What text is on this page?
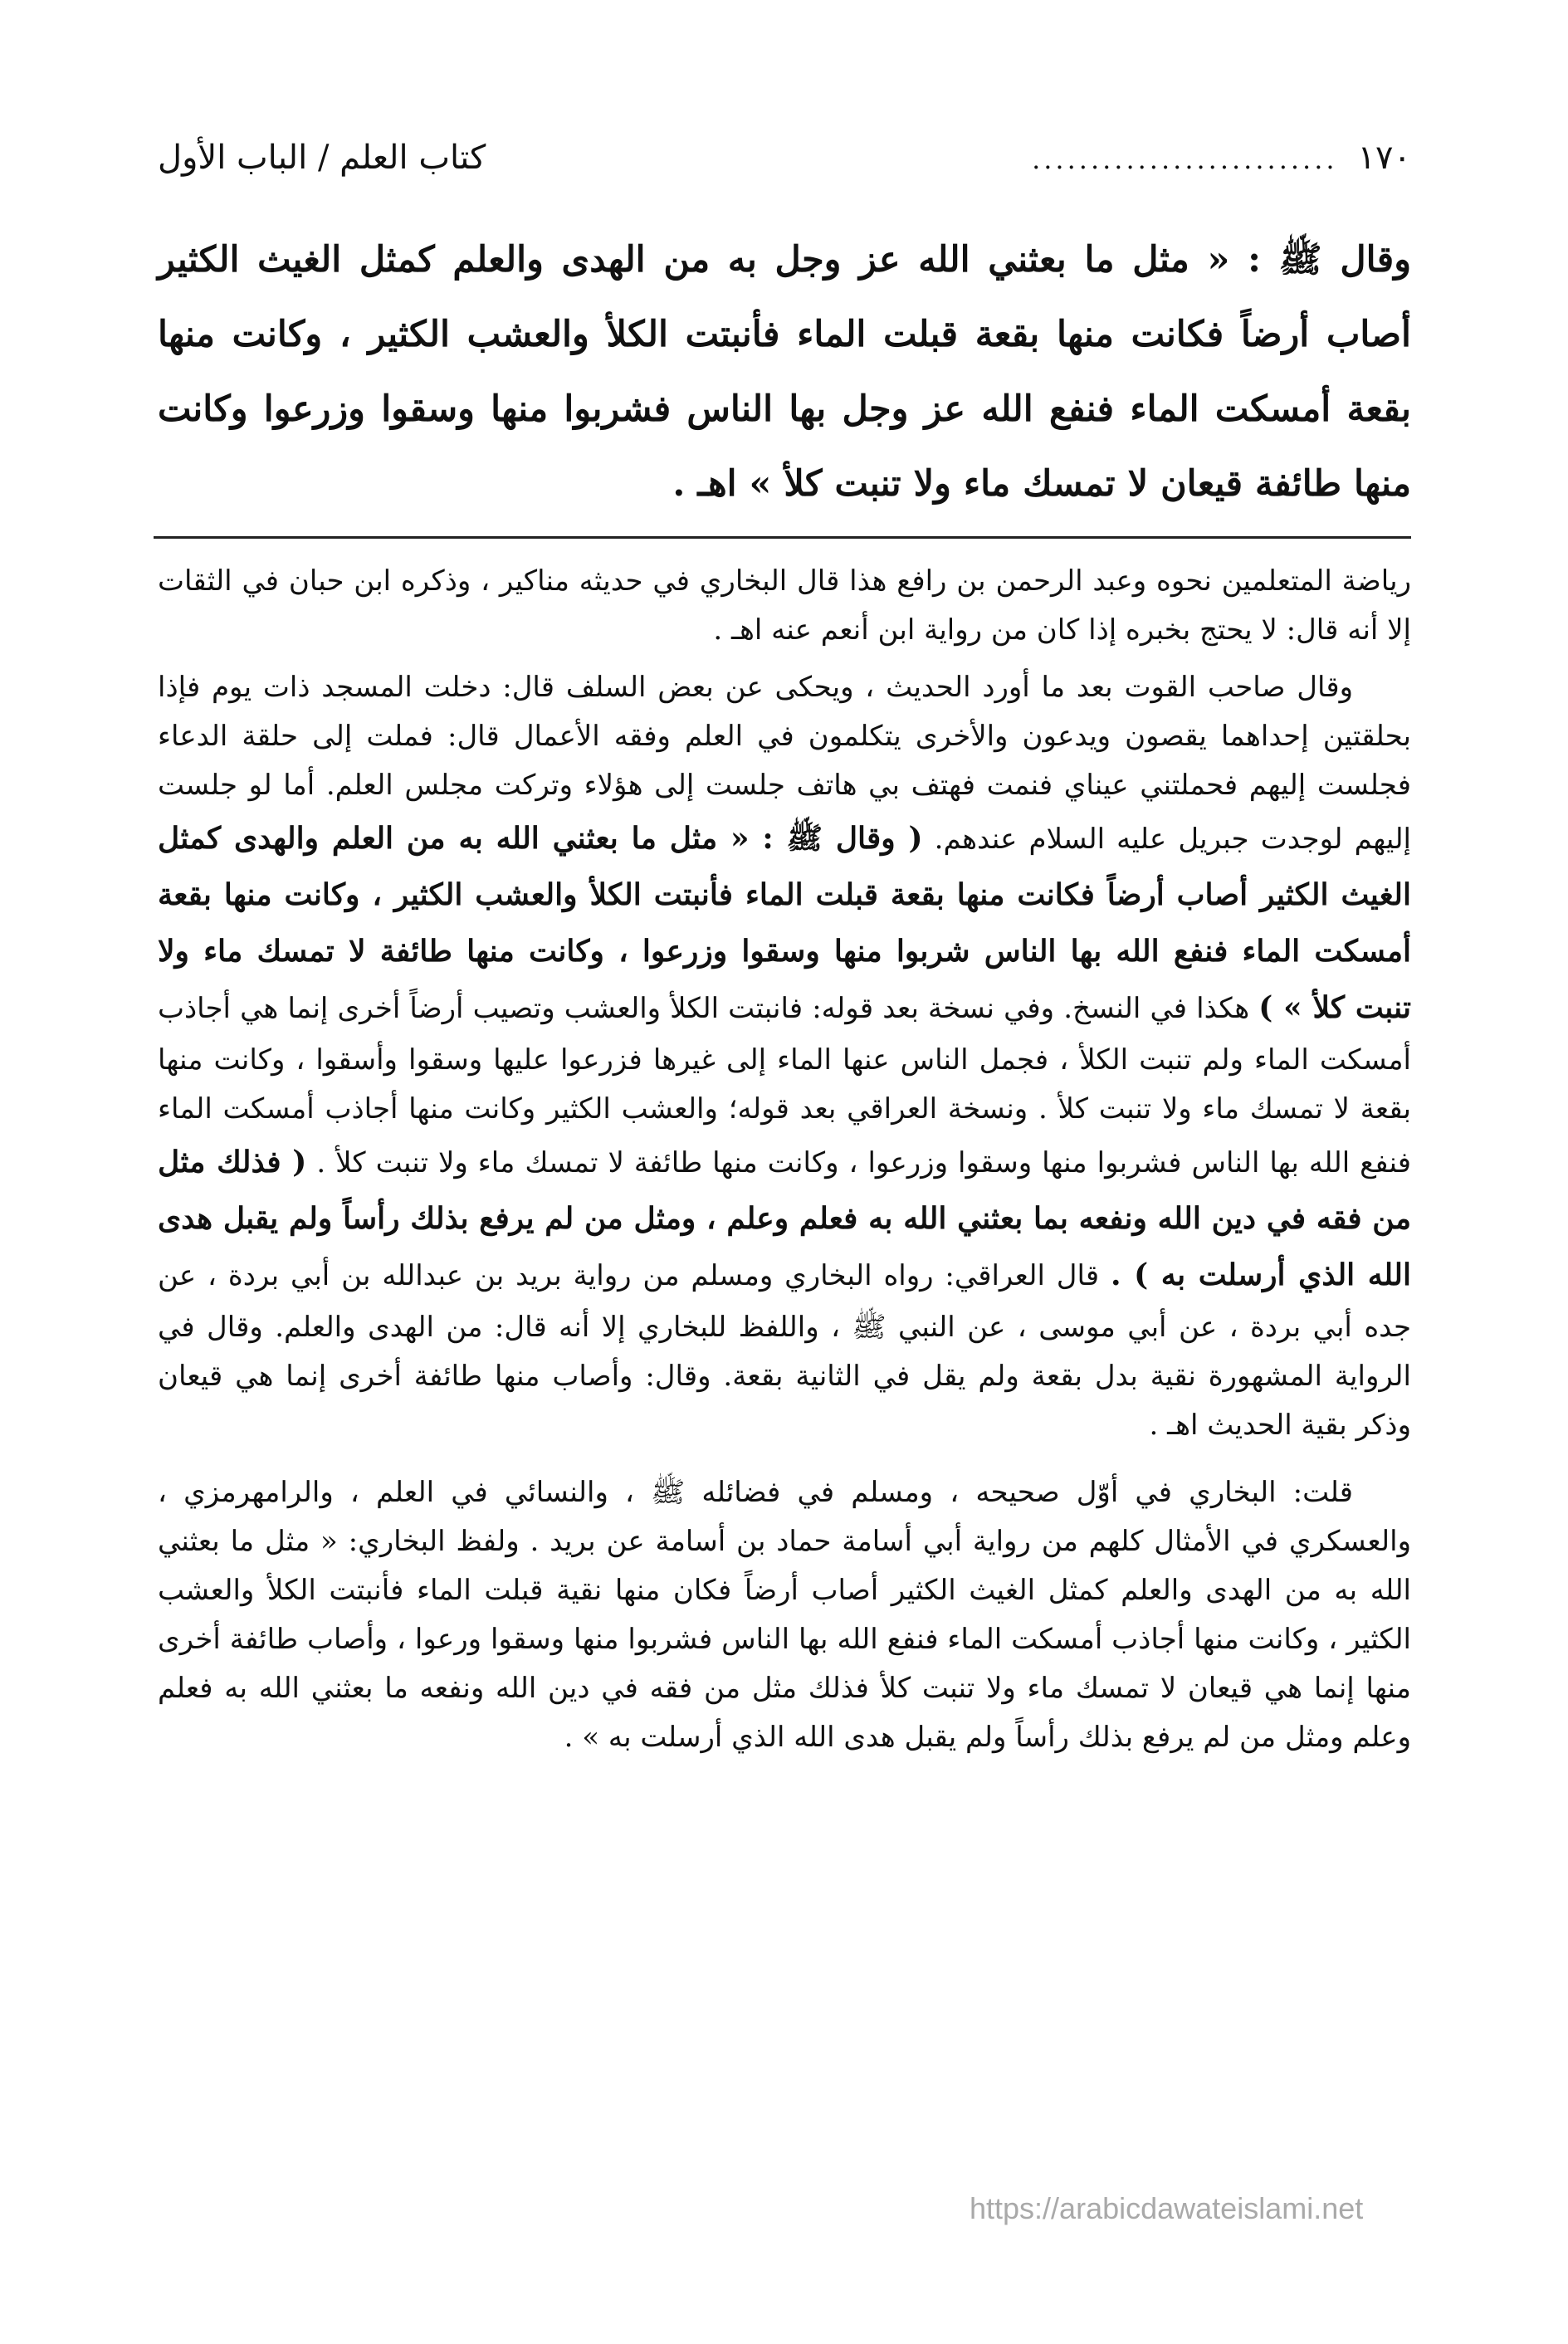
١٧٠
..........................
كتاب العلم / الباب الأول
وقال ﷺ : « مثل ما بعثني الله عز وجل به من الهدى والعلم كمثل الغيث الكثير أصاب أرضاً فكانت منها بقعة قبلت الماء فأنبتت الكلأ والعشب الكثير ، وكانت منها بقعة أمسكت الماء فنفع الله عز وجل بها الناس فشربوا منها وسقوا وزرعوا وكانت منها طائفة قيعان لا تمسك ماء ولا تنبت كلأ » اهـ .

رياضة المتعلمين نحوه وعبد الرحمن بن رافع هذا قال البخاري في حديثه مناكير ، وذكره ابن حبان في الثقات إلا أنه قال: لا يحتج بخبره إذا كان من رواية ابن أنعم عنه اهـ .

وقال صاحب القوت بعد ما أورد الحديث ، ويحكى عن بعض السلف قال: دخلت المسجد ذات يوم فإذا بحلقتين إحداهما يقصون ويدعون والأخرى يتكلمون في العلم وفقه الأعمال قال: فملت إلى حلقة الدعاء فجلست إليهم فحملتني عيناي فنمت فهتف بي هاتف جلست إلى هؤلاء وتركت مجلس العلم. أما لو جلست إليهم لوجدت جبريل عليه السلام عندهم. ( وقال ﷺ : « مثل ما بعثني الله به من العلم والهدى كمثل الغيث الكثير أصاب أرضاً فكانت منها بقعة قبلت الماء فأنبتت الكلأ والعشب الكثير ، وكانت منها بقعة أمسكت الماء فنفع الله بها الناس شربوا منها وسقوا وزرعوا ، وكانت منها طائفة لا تمسك ماء ولا تنبت كلأ » ) هكذا في النسخ. وفي نسخة بعد قوله: فانبتت الكلأ والعشب وتصيب أرضاً أخرى إنما هي أجاذب أمسكت الماء ولم تنبت الكلأ ، فجمل الناس عنها الماء إلى غيرها فزرعوا عليها وسقوا وأسقوا ، وكانت منها بقعة لا تمسك ماء ولا تنبت كلأ . ونسخة العراقي بعد قوله؛ والعشب الكثير وكانت منها أجاذب أمسكت الماء فنفع الله بها الناس فشربوا منها وسقوا وزرعوا ، وكانت منها طائفة لا تمسك ماء ولا تنبت كلأ . ( فذلك مثل من فقه في دين الله ونفعه بما بعثني الله به فعلم وعلم ، ومثل من لم يرفع بذلك رأساً ولم يقبل هدى الله الذي أرسلت به ) . قال العراقي: رواه البخاري ومسلم من رواية بريد بن عبدالله بن أبي بردة ، عن جده أبي بردة ، عن أبي موسى ، عن النبي ﷺ ، واللفظ للبخاري إلا أنه قال: من الهدى والعلم. وقال في الرواية المشهورة نقية بدل بقعة ولم يقل في الثانية بقعة. وقال: وأصاب منها طائفة أخرى إنما هي قيعان وذكر بقية الحديث اهـ .

قلت: البخاري في أوّل صحيحه ، ومسلم في فضائله ﷺ ، والنسائي في العلم ، والرامهرمزي ، والعسكري في الأمثال كلهم من رواية أبي أسامة حماد بن أسامة عن بريد . ولفظ البخاري: « مثل ما بعثني الله به من الهدى والعلم كمثل الغيث الكثير أصاب أرضاً فكان منها نقية قبلت الماء فأنبتت الكلأ والعشب الكثير ، وكانت منها أجاذب أمسكت الماء فنفع الله بها الناس فشربوا منها وسقوا ورعوا ، وأصاب طائفة أخرى منها إنما هي قيعان لا تمسك ماء ولا تنبت كلأ فذلك مثل من فقه في دين الله ونفعه ما بعثني الله به فعلم وعلم ومثل من لم يرفع بذلك رأساً ولم يقبل هدى الله الذي أرسلت به » .

https://arabicdawateislami.net
